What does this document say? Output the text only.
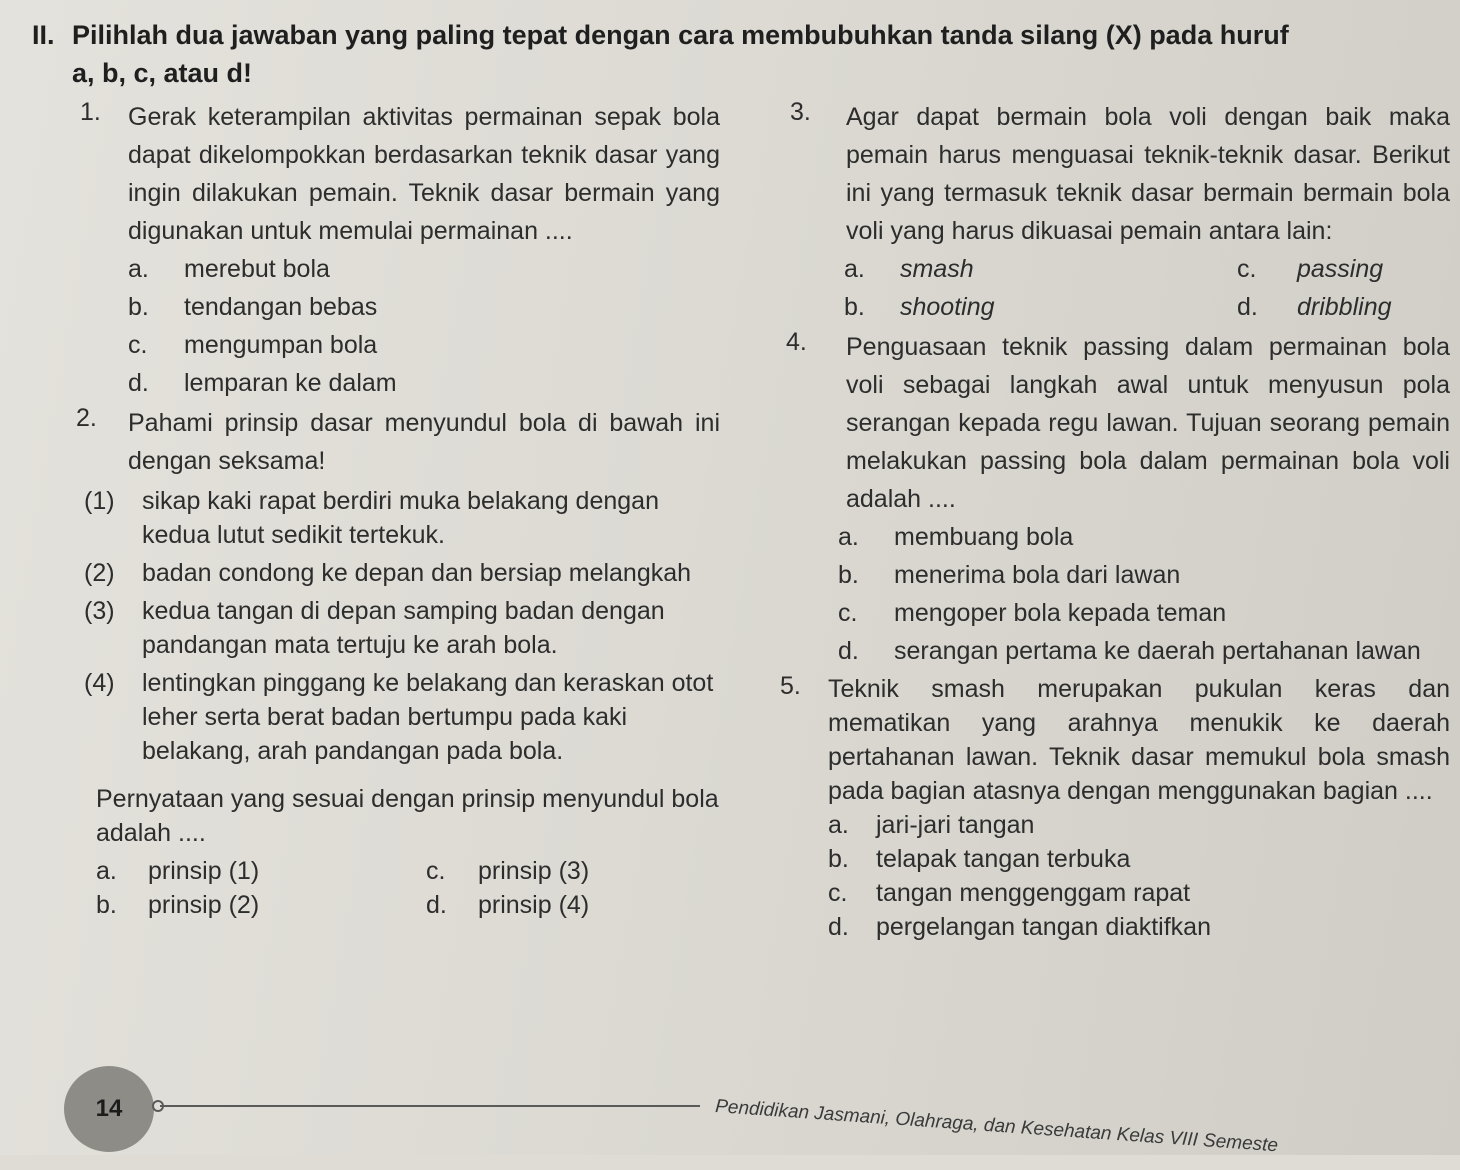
II. Pilihlah dua jawaban yang paling tepat dengan cara membubuhkan tanda silang (X) pada huruf
a, b, c, atau d!
1. Gerak keterampilan aktivitas permainan sepak bola dapat dikelompokkan berdasarkan teknik dasar yang ingin dilakukan pemain. Teknik dasar bermain yang digunakan untuk memulai permainan ....
a. merebut bola
b. tendangan bebas
c. mengumpan bola
d. lemparan ke dalam
2. Pahami prinsip dasar menyundul bola di bawah ini dengan seksama!
(1) sikap kaki rapat berdiri muka belakang dengan kedua lutut sedikit tertekuk.
(2) badan condong ke depan dan bersiap melangkah
(3) kedua tangan di depan samping badan dengan pandangan mata tertuju ke arah bola.
(4) lentingkan pinggang ke belakang dan keraskan otot leher serta berat badan bertumpu pada kaki belakang, arah pandangan pada bola.
Pernyataan yang sesuai dengan prinsip menyundul bola adalah ....
a. prinsip (1)	c. prinsip (3)
b. prinsip (2)	d. prinsip (4)
3.	Agar dapat bermain bola voli dengan baik maka pemain harus menguasai teknik-teknik dasar. Berikut ini yang termasuk teknik dasar bermain bermain bola voli yang harus dikuasai pemain antara lain:
a. smash	c. passing
b. shooting	d. dribbling
4.	Penguasaan teknik passing dalam permainan bola voli sebagai langkah awal untuk menyusun pola serangan kepada regu lawan. Tujuan seorang pemain melakukan passing bola dalam permainan bola voli adalah ....
a. membuang bola
b. menerima bola dari lawan
c. mengoper bola kepada teman
d. serangan pertama ke daerah pertahanan lawan
5. Teknik smash merupakan pukulan keras dan mematikan yang arahnya menukik ke daerah pertahanan lawan. Teknik dasar memukul bola smash pada bagian atasnya dengan menggunakan bagian ....
a. jari-jari tangan
b. telapak tangan terbuka
c. tangan menggenggam rapat
d. pergelangan tangan diaktifkan
14	Pendidikan Jasmani, Olahraga, dan Kesehatan Kelas VIII Semeste
